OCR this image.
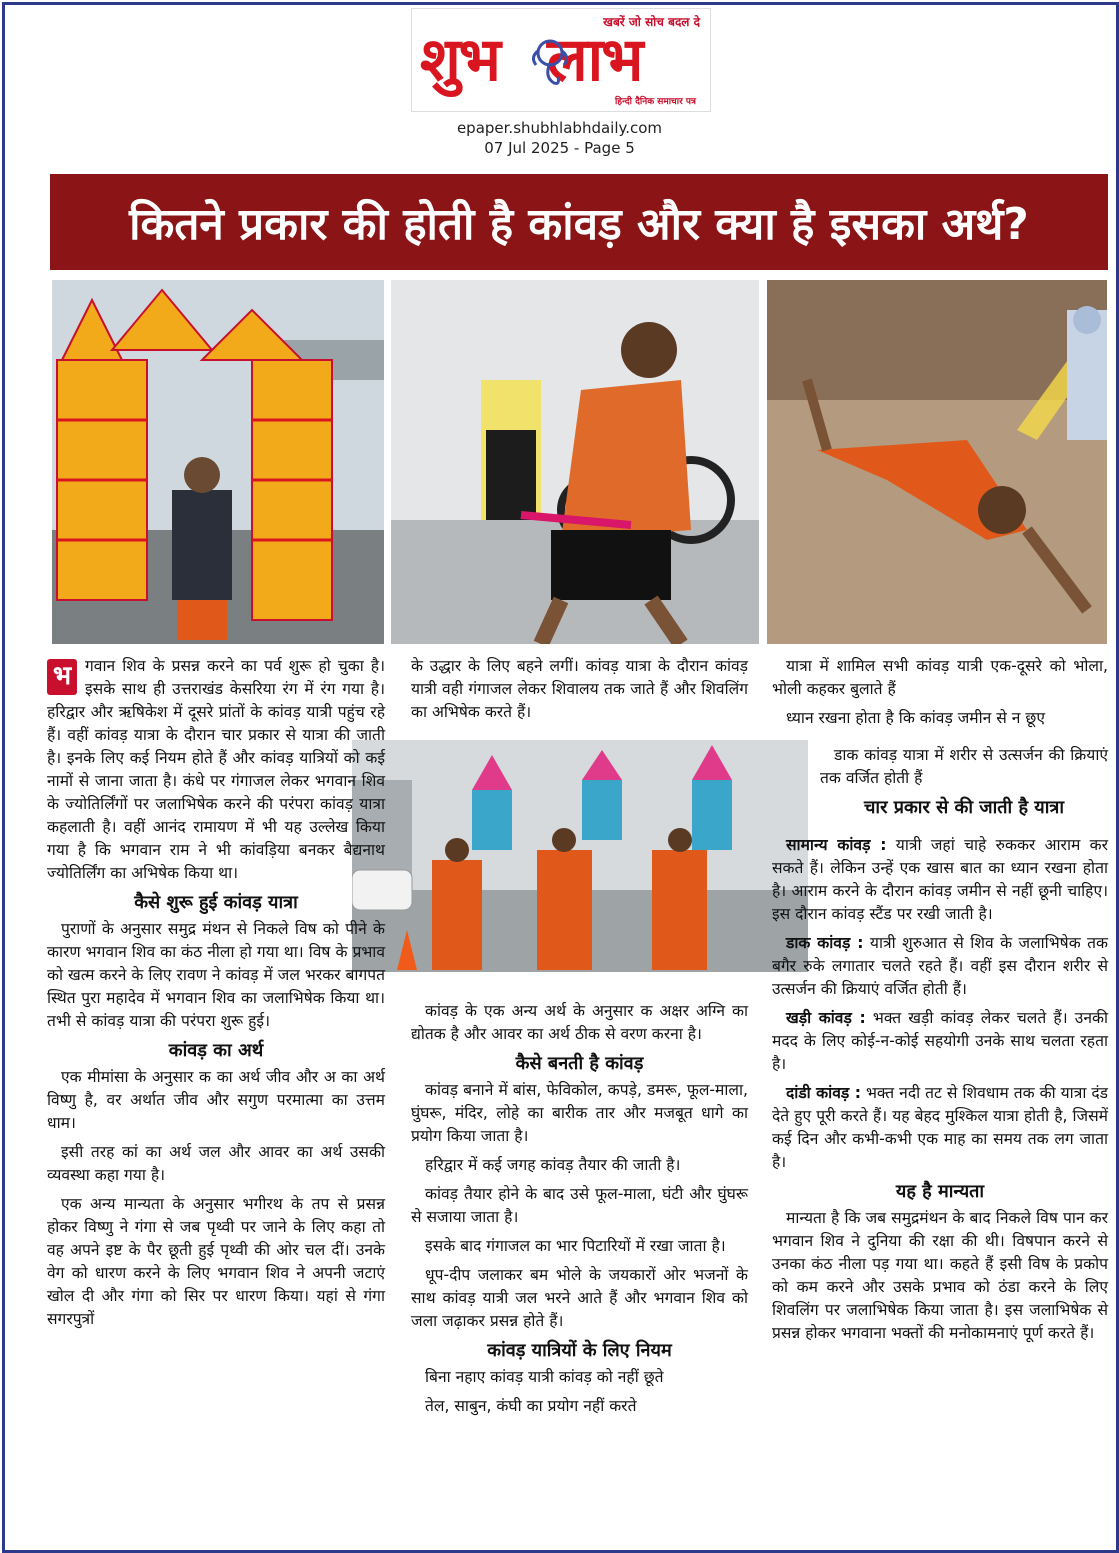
खबरें जो सोच बदल दे
शुभ लाभ
हिन्दी दैनिक समाचार पत्र
epaper.shubhlabhdaily.com
07 Jul 2025 - Page 5
कितने प्रकार की होती है कांवड़ और क्या है इसका अर्थ?

भ गवान शिव के प्रसन्न करने का पर्व शुरू हो चुका है। इसके साथ ही उत्तराखंड केसरिया रंग में रंग गया है। हरिद्वार और ऋषिकेश में दूसरे प्रांतों के कांवड़ यात्री पहुंच रहे हैं। वहीं कांवड़ यात्रा के दौरान चार प्रकार से यात्रा की जाती है। इनके लिए कई नियम होते हैं और कांवड़ यात्रियों को कई नामों से जाना जाता है। कंधे पर गंगाजल लेकर भगवान शिव के ज्योतिर्लिंगों पर जलाभिषेक करने की परंपरा कांवड़ यात्रा कहलाती है। वहीं आनंद रामायण में भी यह उल्लेख किया गया है कि भगवान राम ने भी कांवड़िया बनकर बैद्यनाथ ज्योतिर्लिंग का अभिषेक किया था।

कैसे शुरू हुई कांवड़ यात्रा

पुराणों के अनुसार समुद्र मंथन से निकले विष को पीने के कारण भगवान शिव का कंठ नीला हो गया था। विष के प्रभाव को खत्म करने के लिए रावण ने कांवड़ में जल भरकर बागपत स्थित पुरा महादेव में भगवान शिव का जलाभिषेक किया था। तभी से कांवड़ यात्रा की परंपरा शुरू हुई।

कांवड़ का अर्थ

एक मीमांसा के अनुसार क का अर्थ जीव और अ का अर्थ विष्णु है, वर अर्थात जीव और सगुण परमात्मा का उत्तम धाम।

इसी तरह कां का अर्थ जल और आवर का अर्थ उसकी व्यवस्था कहा गया है।

एक अन्य मान्यता के अनुसार भगीरथ के तप से प्रसन्न होकर विष्णु ने गंगा से जब पृथ्वी पर जाने के लिए कहा तो वह अपने इष्ट के पैर छूती हुई पृथ्वी की ओर चल दीं। उनके वेग को धारण करने के लिए भगवान शिव ने अपनी जटाएं खोल दी और गंगा को सिर पर धारण किया। यहां से गंगा सगरपुत्रों

के उद्धार के लिए बहने लगीं। कांवड़ यात्रा के दौरान कांवड़ यात्री वही गंगाजल लेकर शिवालय तक जाते हैं और शिवलिंग का अभिषेक करते हैं।

कांवड़ के एक अन्य अर्थ के अनुसार क अक्षर अग्नि का द्योतक है और आवर का अर्थ ठीक से वरण करना है।

कैसे बनती है कांवड़

कांवड़ बनाने में बांस, फेविकोल, कपड़े, डमरू, फूल-माला, घुंघरू, मंदिर, लोहे का बारीक तार और मजबूत धागे का प्रयोग किया जाता है।

हरिद्वार में कई जगह कांवड़ तैयार की जाती है।

कांवड़ तैयार होने के बाद उसे फूल-माला, घंटी और घुंघरू से सजाया जाता है।

इसके बाद गंगाजल का भार पिटारियों में रखा जाता है।

धूप-दीप जलाकर बम भोले के जयकारों ओर भजनों के साथ कांवड़ यात्री जल भरने आते हैं और भगवान शिव को जला जढ़ाकर प्रसन्न होते हैं।

कांवड़ यात्रियों के लिए नियम

बिना नहाए कांवड़ यात्री कांवड़ को नहीं छूते

तेल, साबुन, कंघी का प्रयोग नहीं करते

यात्रा में शामिल सभी कांवड़ यात्री एक-दूसरे को भोला, भोली कहकर बुलाते हैं

ध्यान रखना होता है कि कांवड़ जमीन से न छूए

डाक कांवड़ यात्रा में शरीर से उत्सर्जन की क्रियाएं तक वर्जित होती हैं

चार प्रकार से की जाती है यात्रा

सामान्य कांवड़ : यात्री जहां चाहे रुककर आराम कर सकते हैं। लेकिन उन्हें एक खास बात का ध्यान रखना होता है। आराम करने के दौरान कांवड़ जमीन से नहीं छूनी चाहिए। इस दौरान कांवड़ स्टैंड पर रखी जाती है।

डाक कांवड़ : यात्री शुरुआत से शिव के जलाभिषेक तक बगैर रुके लगातार चलते रहते हैं। वहीं इस दौरान शरीर से उत्सर्जन की क्रियाएं वर्जित होती हैं।

खड़ी कांवड़ : भक्त खड़ी कांवड़ लेकर चलते हैं। उनकी मदद के लिए कोई-न-कोई सहयोगी उनके साथ चलता रहता है।

दांडी कांवड़ : भक्त नदी तट से शिवधाम तक की यात्रा दंड देते हुए पूरी करते हैं। यह बेहद मुश्किल यात्रा होती है, जिसमें कई दिन और कभी-कभी एक माह का समय तक लग जाता है।

यह है मान्यता

मान्यता है कि जब समुद्रमंथन के बाद निकले विष पान कर भगवान शिव ने दुनिया की रक्षा की थी। विषपान करने से उनका कंठ नीला पड़ गया था। कहते हैं इसी विष के प्रकोप को कम करने और उसके प्रभाव को ठंडा करने के लिए शिवलिंग पर जलाभिषेक किया जाता है। इस जलाभिषेक से प्रसन्न होकर भगवाना भक्तों की मनोकामनाएं पूर्ण करते हैं।
